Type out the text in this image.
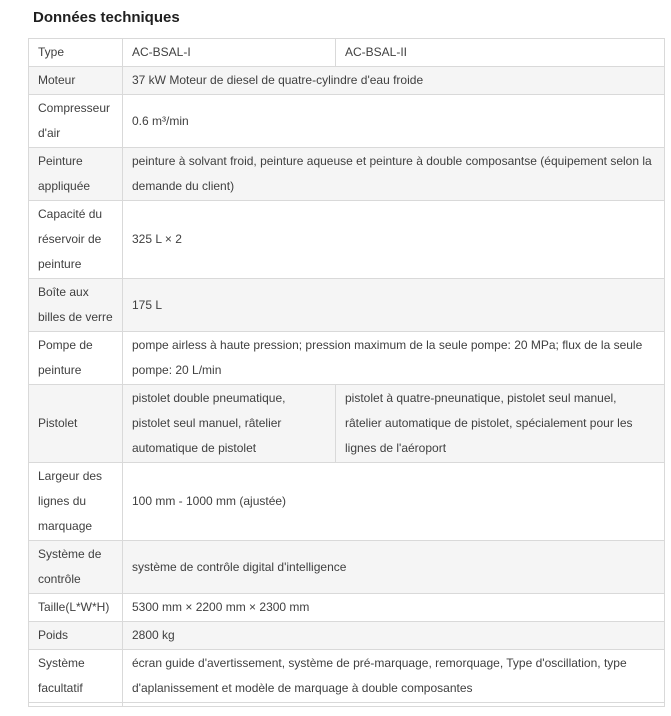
Données techniques
Type	AC-BSAL-I	AC-BSAL-II
Moteur	37 kW Moteur de diesel de quatre-cylindre d'eau froide	
Compresseur d'air	0.6 m³/min	
Peinture appliquée	peinture à solvant froid, peinture aqueuse et peinture à double composantse (équipement selon la demande du client)	
Capacité du réservoir de peinture	325 L × 2	
Boîte aux billes de verre	175 L	
Pompe de peinture	pompe airless à haute pression; pression maximum de la seule pompe: 20 MPa; flux de la seule pompe: 20 L/min	
Pistolet	pistolet double pneumatique, pistolet seul manuel, râtelier automatique de pistolet	pistolet à quatre-pneunatique, pistolet seul manuel, râtelier automatique de pistolet, spécialement pour les lignes de l'aéroport
Largeur des lignes du marquage	100 mm - 1000 mm (ajustée)	
Système de contrôle	système de contrôle digital d'intelligence	
Taille(L*W*H)	5300 mm × 2200 mm × 2300 mm	
Poids	2800 kg	
Système facultatif	écran guide d'avertissement, système de pré-marquage, remorquage, Type d'oscillation, type d'aplanissement et modèle de marquage à double composantes	
